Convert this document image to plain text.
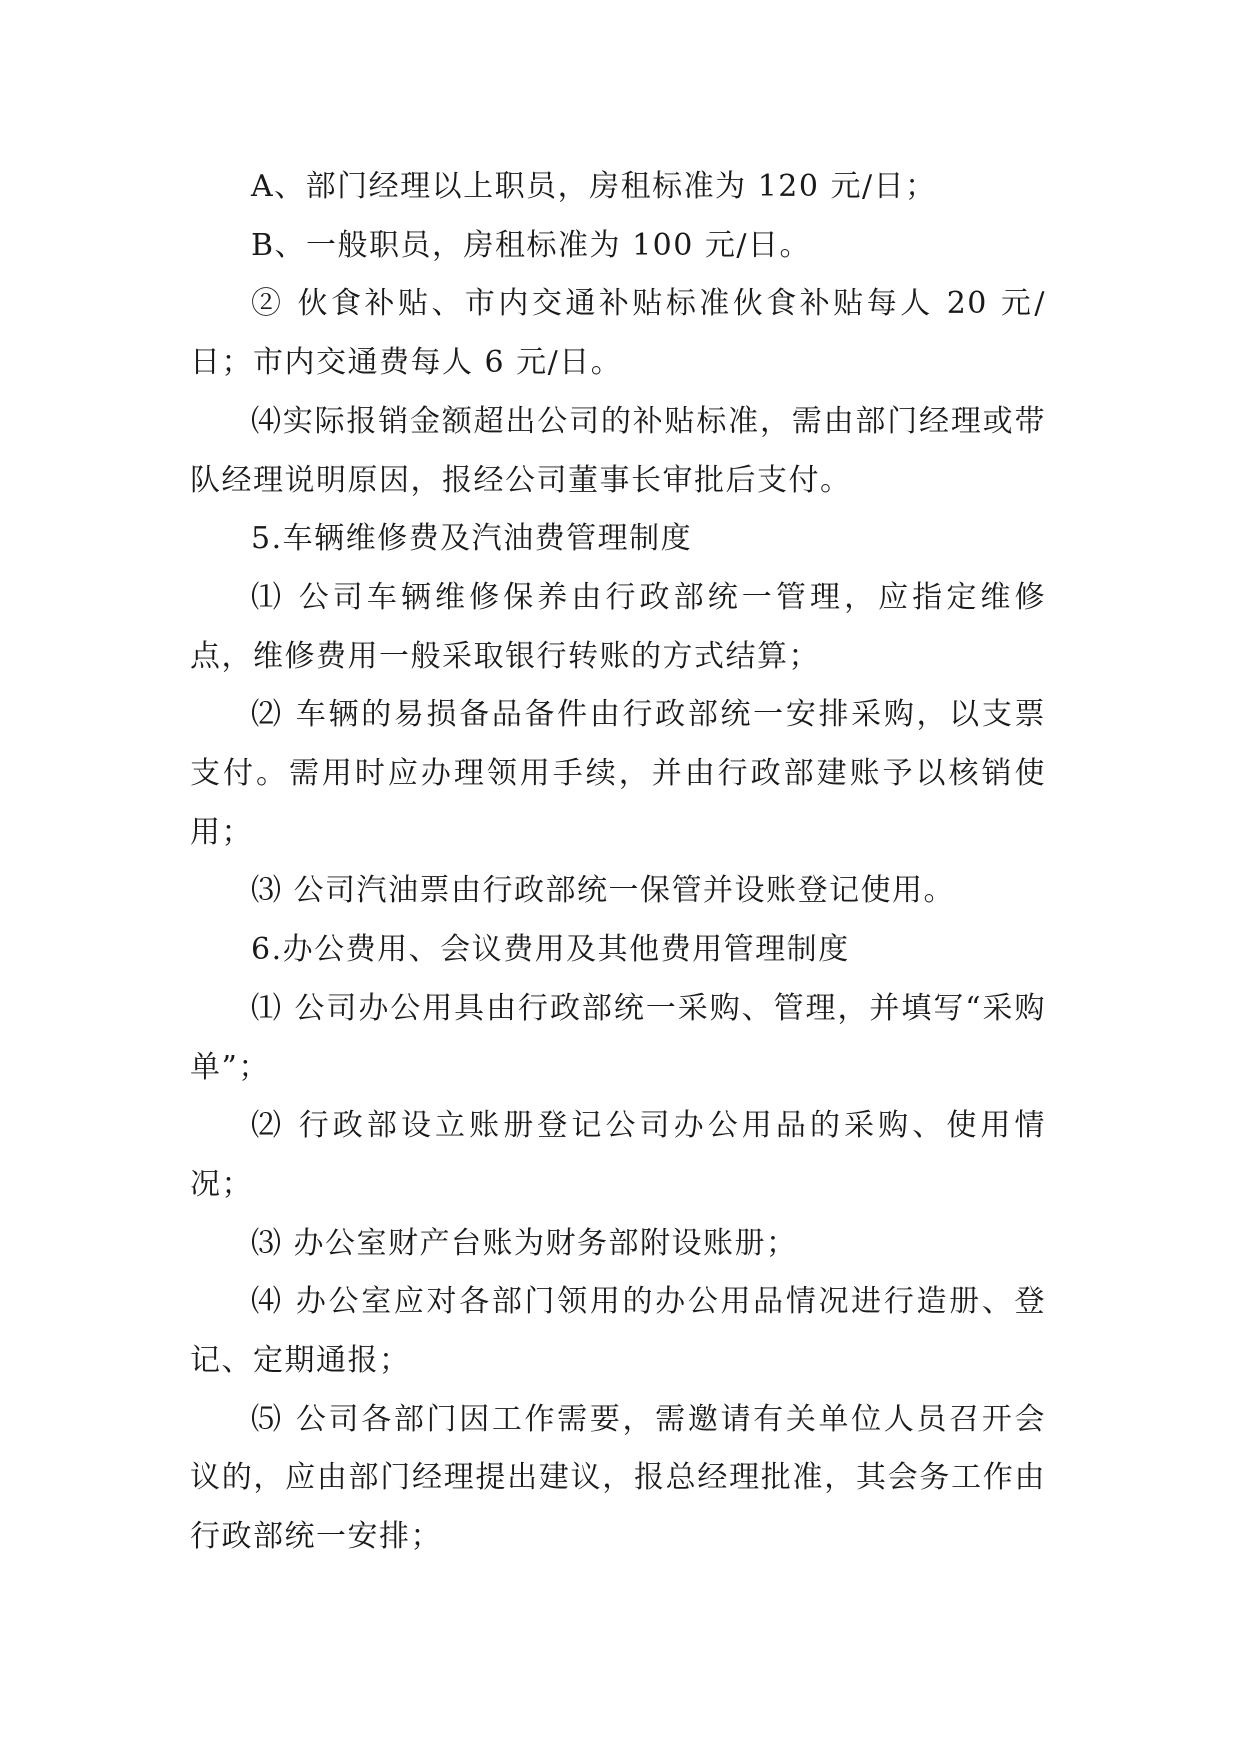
A、部门经理以上职员，房租标准为 120 元/日；

B、一般职员，房租标准为 100 元/日。

② 伙食补贴、市内交通补贴标准伙食补贴每人 20 元/日；市内交通费每人 6 元/日。

⑷实际报销金额超出公司的补贴标准，需由部门经理或带队经理说明原因，报经公司董事长审批后支付。

5.车辆维修费及汽油费管理制度

⑴ 公司车辆维修保养由行政部统一管理，应指定维修点，维修费用一般采取银行转账的方式结算；

⑵ 车辆的易损备品备件由行政部统一安排采购，以支票支付。需用时应办理领用手续，并由行政部建账予以核销使用；

⑶ 公司汽油票由行政部统一保管并设账登记使用。

6.办公费用、会议费用及其他费用管理制度

⑴ 公司办公用具由行政部统一采购、管理，并填写“采购单”；

⑵ 行政部设立账册登记公司办公用品的采购、使用情况；

⑶ 办公室财产台账为财务部附设账册；

⑷ 办公室应对各部门领用的办公用品情况进行造册、登记、定期通报；

⑸ 公司各部门因工作需要，需邀请有关单位人员召开会议的，应由部门经理提出建议，报总经理批准，其会务工作由行政部统一安排；
